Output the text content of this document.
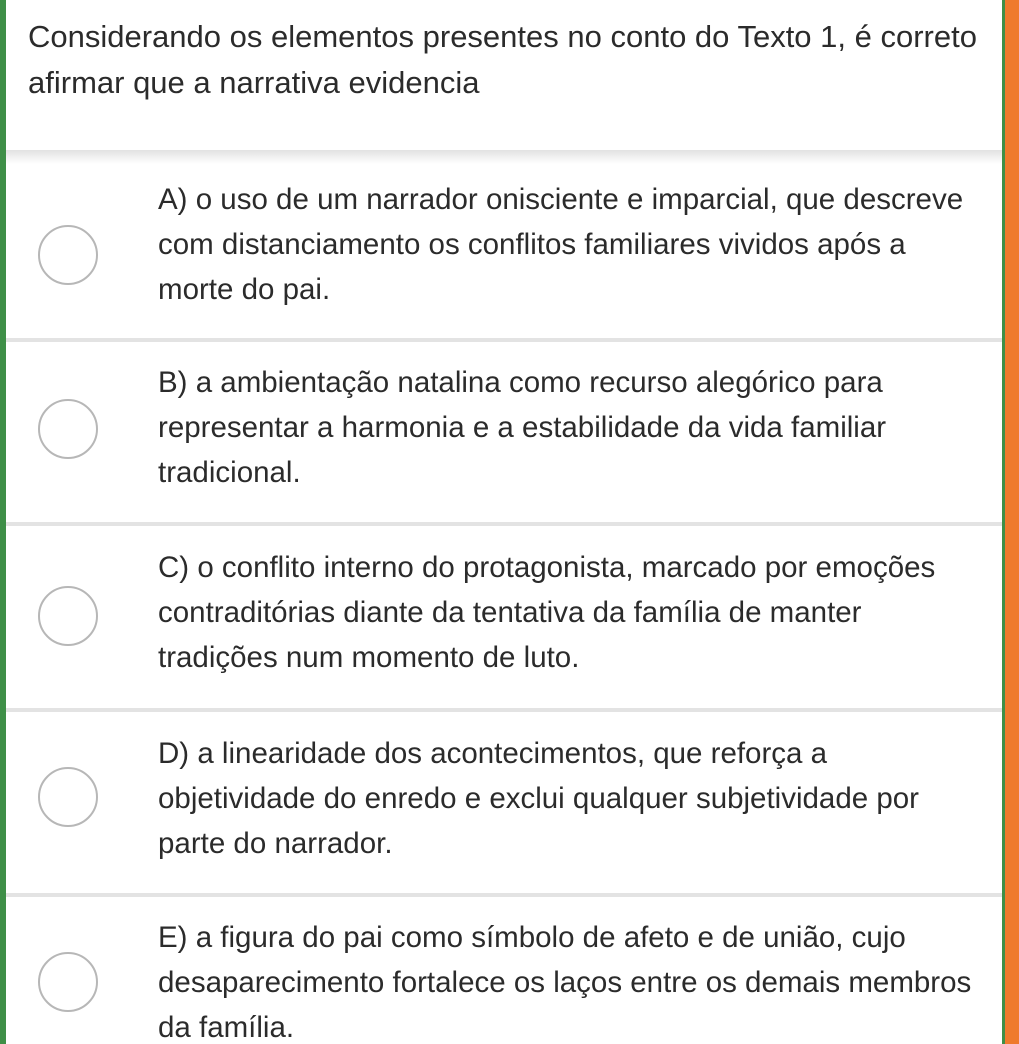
Considerando os elementos presentes no conto do Texto 1, é correto afirmar que a narrativa evidencia

A) o uso de um narrador onisciente e imparcial, que descreve com distanciamento os conflitos familiares vividos após a morte do pai.
B) a ambientação natalina como recurso alegórico para representar a harmonia e a estabilidade da vida familiar tradicional.
C) o conflito interno do protagonista, marcado por emoções contraditórias diante da tentativa da família de manter tradições num momento de luto.
D) a linearidade dos acontecimentos, que reforça a objetividade do enredo e exclui qualquer subjetividade por parte do narrador.
E) a figura do pai como símbolo de afeto e de união, cujo desaparecimento fortalece os laços entre os demais membros da família.
